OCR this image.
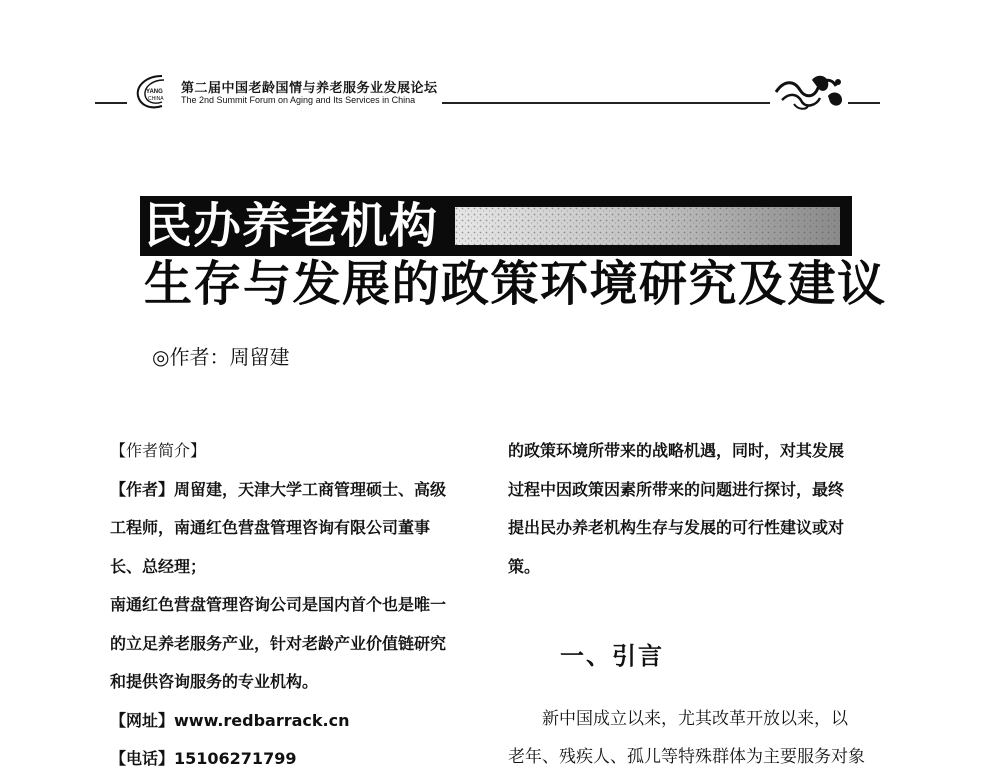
YANG
CHINA
第二届中国老龄国情与养老服务业发展论坛
The 2nd Summit Forum on Aging and Its Services in China
民办养老机构
生存与发展的政策环境研究及建议
◎作者：周留建

【作者简介】

【作者】周留建，天津大学工商管理硕士、高级

工程师，南通红色营盘管理咨询有限公司董事

长、总经理；

南通红色营盘管理咨询公司是国内首个也是唯一

的立足养老服务产业，针对老龄产业价值链研究

和提供咨询服务的专业机构。

【网址】www.redbarrack.cn

【电话】15106271799

的政策环境所带来的战略机遇，同时，对其发展

过程中因政策因素所带来的问题进行探讨，最终

提出民办养老机构生存与发展的可行性建议或对

策。

一、引言

　　新中国成立以来，尤其改革开放以来，以

老年、残疾人、孤儿等特殊群体为主要服务对象
